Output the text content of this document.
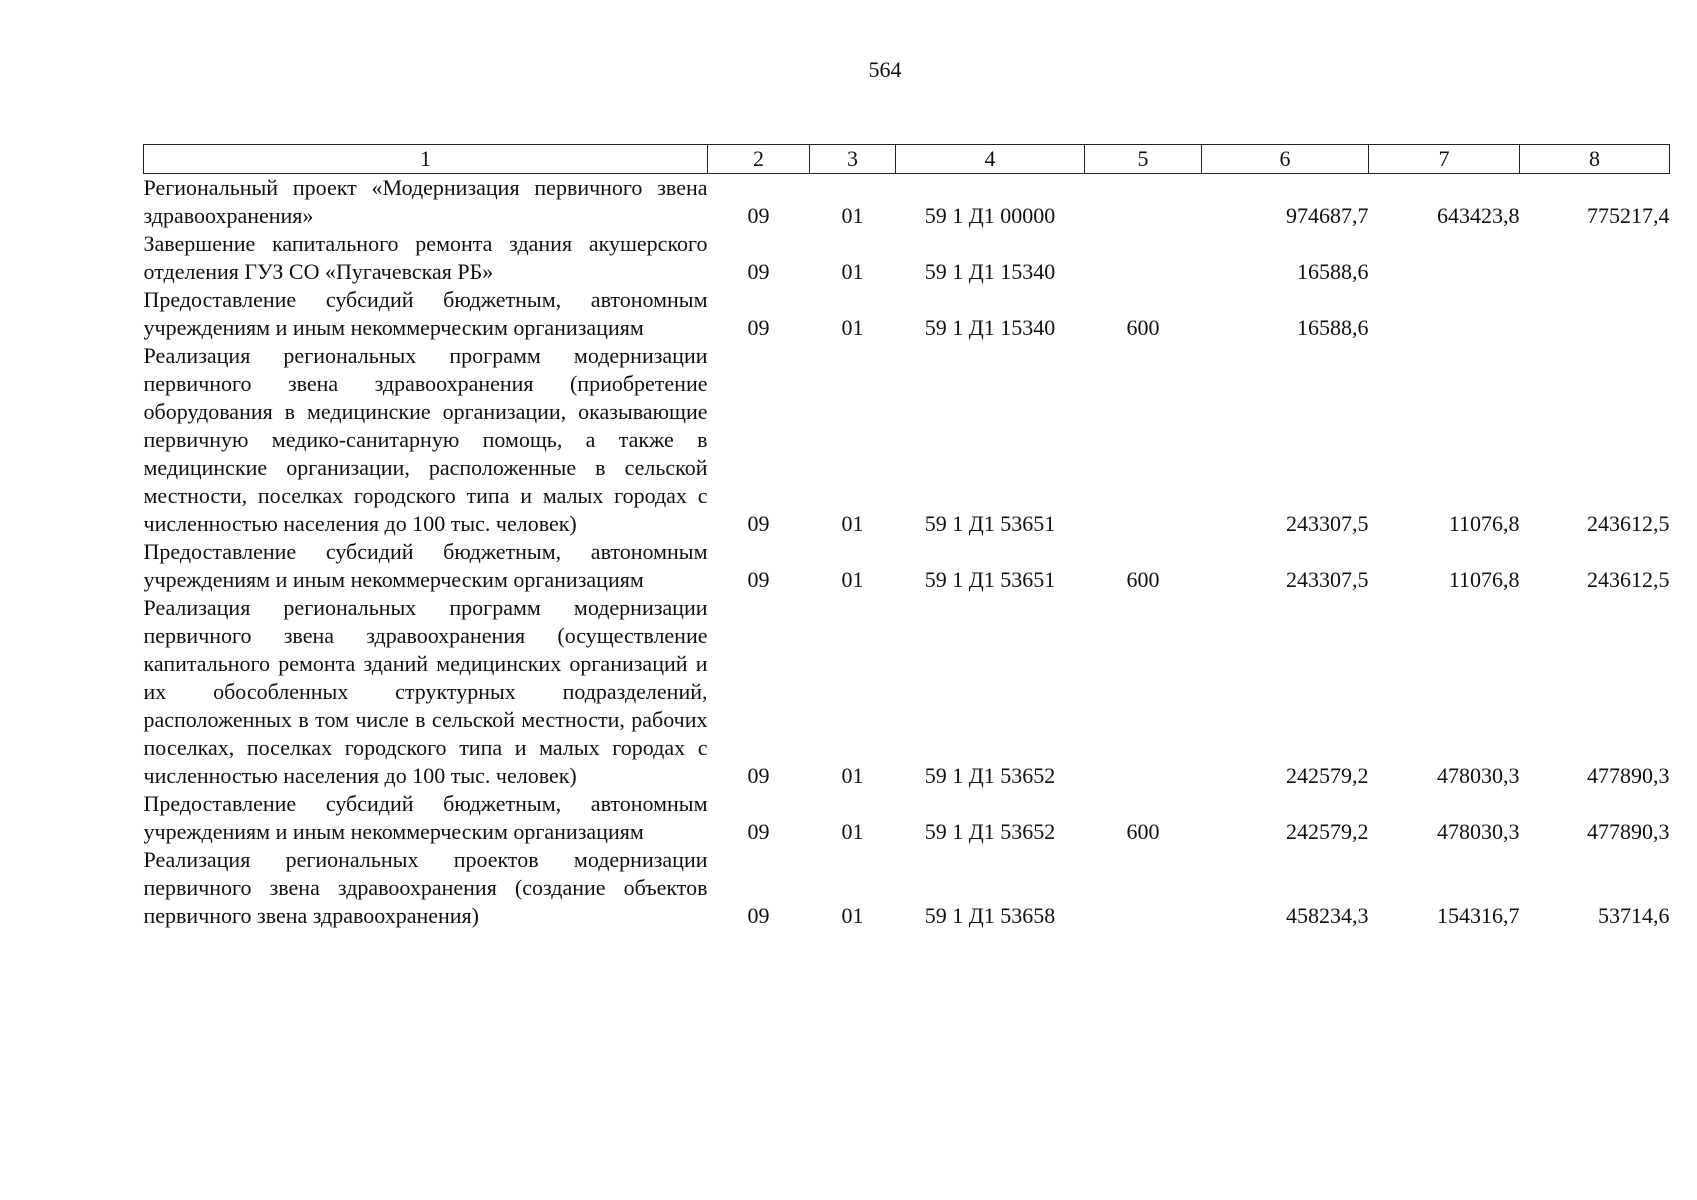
564
1	2	3	4	5	6	7	8
Региональный проект «Модернизация первичного звена здравоохранения»	09	01	59 1 Д1 00000		974687,7	643423,8	775217,4
Завершение капитального ремонта здания акушерского отделения ГУЗ СО «Пугачевская РБ»	09	01	59 1 Д1 15340		16588,6		
Предоставление субсидий бюджетным, автономным учреждениям и иным некоммерческим организациям	09	01	59 1 Д1 15340	600	16588,6		
Реализация региональных программ модернизации первичного звена здравоохранения (приобретение оборудования в медицинские организации, оказывающие первичную медико-санитарную помощь, а также в медицинские организации, расположенные в сельской местности, поселках городского типа и малых городах с численностью населения до 100 тыс. человек)	09	01	59 1 Д1 53651		243307,5	11076,8	243612,5
Предоставление субсидий бюджетным, автономным учреждениям и иным некоммерческим организациям	09	01	59 1 Д1 53651	600	243307,5	11076,8	243612,5
Реализация региональных программ модернизации первичного звена здравоохранения (осуществление капитального ремонта зданий медицинских организаций и их обособленных структурных подразделений, расположенных в том числе в сельской местности, рабочих поселках, поселках городского типа и малых городах с численностью населения до 100 тыс. человек)	09	01	59 1 Д1 53652		242579,2	478030,3	477890,3
Предоставление субсидий бюджетным, автономным учреждениям и иным некоммерческим организациям	09	01	59 1 Д1 53652	600	242579,2	478030,3	477890,3
Реализация региональных проектов модернизации первичного звена здравоохранения (создание объектов первичного звена здравоохранения)	09	01	59 1 Д1 53658		458234,3	154316,7	53714,6
